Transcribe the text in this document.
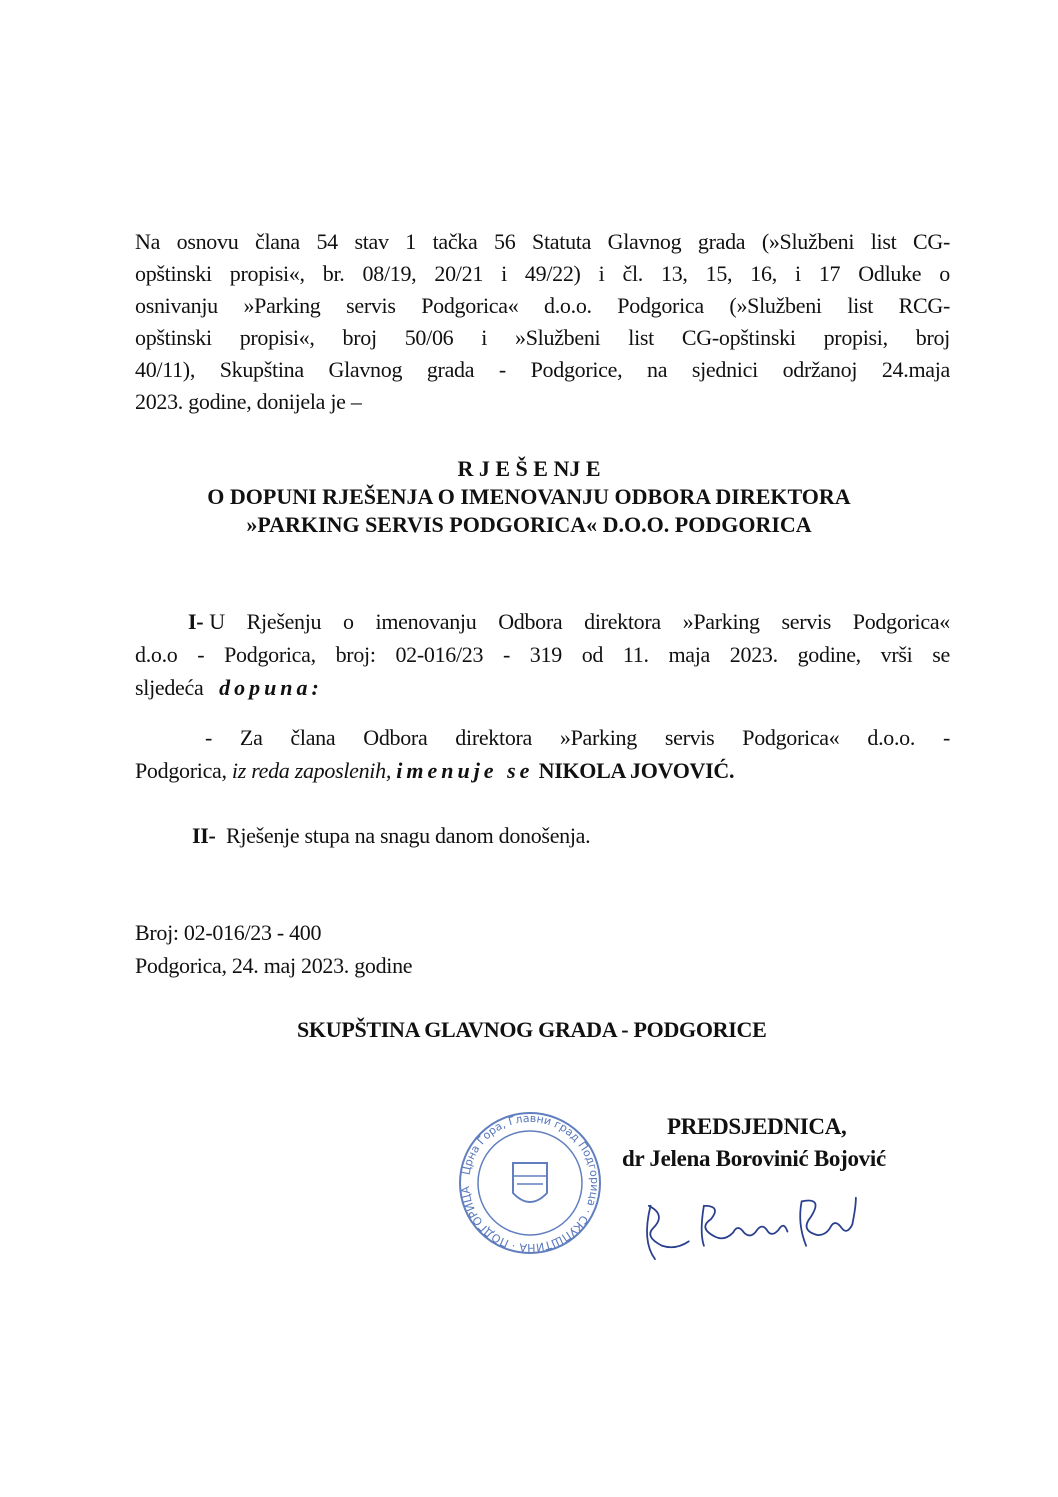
Na osnovu člana 54 stav 1 tačka 56 Statuta Glavnog grada (»Službeni list CG-
opštinski propisi«, br. 08/19, 20/21 i 49/22) i čl. 13, 15, 16, i 17 Odluke o
osnivanju »Parking servis Podgorica« d.o.o. Podgorica (»Službeni list RCG-
opštinski propisi«, broj 50/06 i »Službeni list CG-opštinski propisi, broj
40/11), Skupština Glavnog grada - Podgorice, na sjednici održanoj 24.maja
2023. godine, donijela je –
R J E Š E NJ E
O DOPUNI RJEŠENJA O IMENOVANJU ODBORA DIREKTORA
»PARKING SERVIS PODGORICA« D.O.O. PODGORICA
I- U Rješenju o imenovanju Odbora direktora »Parking servis Podgorica«
d.o.o - Podgorica, broj: 02-016/23 - 319 od 11. maja 2023. godine, vrši se
sljedeća dopuna:
- Za člana Odbora direktora »Parking servis Podgorica« d.o.o. -
Podgorica, iz reda zaposlenih, imenuje se NIKOLA JOVOVIĆ.
II- Rješenje stupa na snagu danom donošenja.
Broj: 02-016/23 - 400
Podgorica, 24. maj 2023. godine
SKUPŠTINA GLAVNOG GRADA - PODGORICE
Црна Гора, Главни град Подгорица · СКУПШТИНА · ПОДГОРИЦА
PREDSJEDNICA,
dr Jelena Borovinić Bojović
